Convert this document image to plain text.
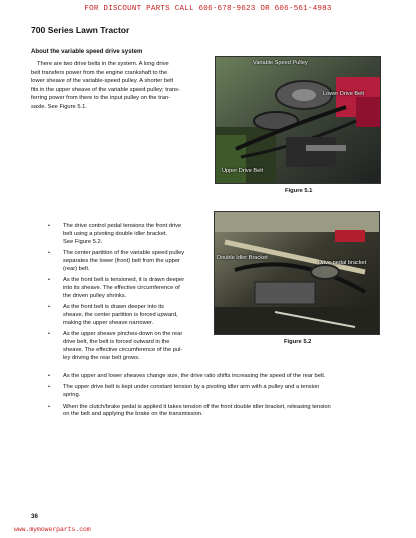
FOR DISCOUNT PARTS CALL 606-678-9623 OR 606-561-4983
700 Series Lawn Tractor
About the variable speed drive system
There are two drive belts in the system. A long drive
belt transfers power from the engine crankshaft to the
lower sheave of the variable-speed pulley. A shorter belt
fits in the upper sheave of the variable speed pulley; trans-
ferring power from there to the input pulley on the tran-
saxle. See Figure 5.1.
Variable Speed Pulley
Lower Drive Belt
Upper Drive Belt
Figure 5.1
Double Idler Bracket
Drive pedal bracket
Figure 5.2
• The drive control pedal tensions the front drive
belt using a pivoting double idler bracket.
See Figure 5.2.
• The center partition of the variable speed pulley
separates the lower (front) belt from the upper
(rear) belt.
• As the front belt is tensioned, it is drawn deeper
into its sheave. The effective circumference of
the driven pulley shrinks.
• As the front belt is drawn deeper into its
sheave, the center partition is forced upward,
making the upper sheave narrower.
• As the upper sheave pinches-down on the rear
drive belt, the belt is forced outward in the
sheave. The effective circumference of the pul-
ley driving the rear belt grows.
• As the upper and lower sheaves change size, the drive ratio shifts increasing the speed of the rear belt.
• The upper drive belt is kept under constant tension by a pivoting idler arm with a pulley and a tension
spring.
• When the clutch/brake pedal is applied it takes tension off the front double idler bracket, releasing tension
on the belt and applying the brake on the transmission.
36
www.mymowerparts.com
